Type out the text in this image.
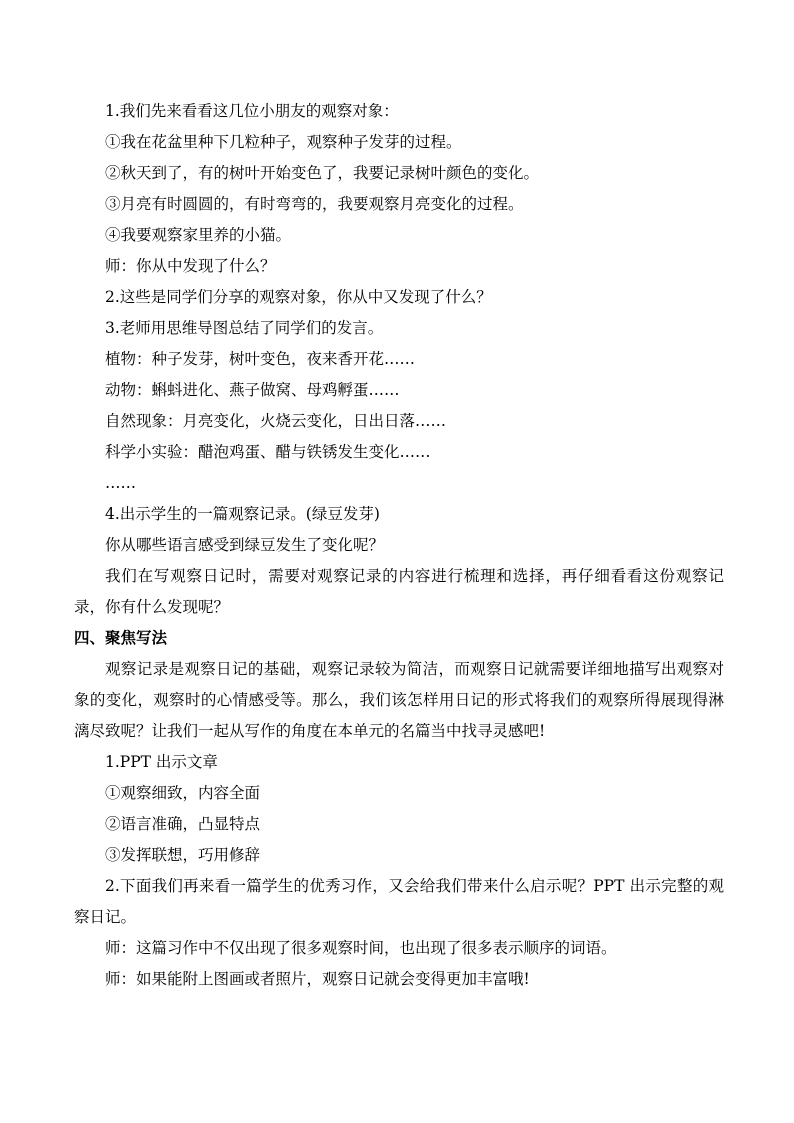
1.我们先来看看这几位小朋友的观察对象：
①我在花盆里种下几粒种子，观察种子发芽的过程。
②秋天到了，有的树叶开始变色了，我要记录树叶颜色的变化。
③月亮有时圆圆的，有时弯弯的，我要观察月亮变化的过程。
④我要观察家里养的小猫。
师：你从中发现了什么？
2.这些是同学们分享的观察对象，你从中又发现了什么？
3.老师用思维导图总结了同学们的发言。
植物：种子发芽，树叶变色，夜来香开花……
动物：蝌蚪进化、燕子做窝、母鸡孵蛋……
自然现象：月亮变化，火烧云变化，日出日落……
科学小实验：醋泡鸡蛋、醋与铁锈发生变化……
……
4.出示学生的一篇观察记录。(绿豆发芽)
你从哪些语言感受到绿豆发生了变化呢？
我们在写观察日记时，需要对观察记录的内容进行梳理和选择，再仔细看看这份观察记录，你有什么发现呢？
四、聚焦写法
观察记录是观察日记的基础，观察记录较为简洁，而观察日记就需要详细地描写出观察对象的变化，观察时的心情感受等。那么，我们该怎样用日记的形式将我们的观察所得展现得淋漓尽致呢？让我们一起从写作的角度在本单元的名篇当中找寻灵感吧!
1.PPT 出示文章
①观察细致，内容全面
②语言准确，凸显特点
③发挥联想，巧用修辞
2.下面我们再来看一篇学生的优秀习作，又会给我们带来什么启示呢？PPT 出示完整的观察日记。
师：这篇习作中不仅出现了很多观察时间，也出现了很多表示顺序的词语。
师：如果能附上图画或者照片，观察日记就会变得更加丰富哦!
